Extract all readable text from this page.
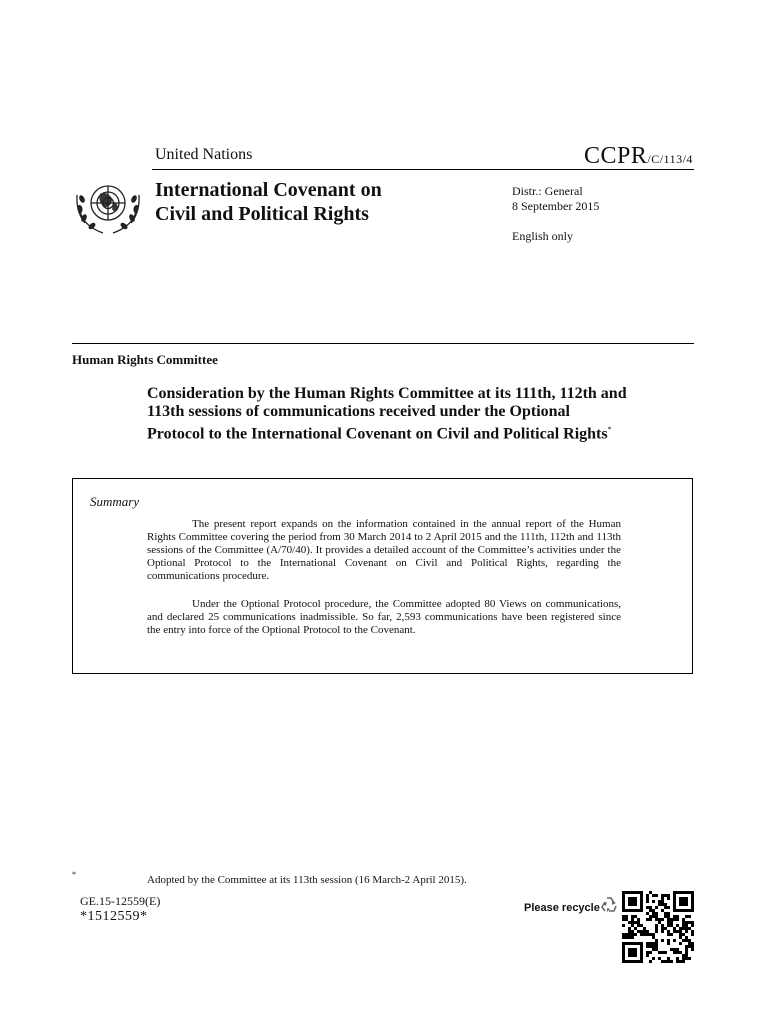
United Nations	CCPR/C/113/4
International Covenant on
Civil and Political Rights
Distr.: General
8 September 2015
English only
Human Rights Committee
Consideration by the Human Rights Committee at its 111th, 112th and 113th sessions of communications received under the Optional Protocol to the International Covenant on Civil and Political Rights*
Summary
The present report expands on the information contained in the annual report of the Human Rights Committee covering the period from 30 March 2014 to 2 April 2015 and the 111th, 112th and 113th sessions of the Committee (A/70/40). It provides a detailed account of the Committee’s activities under the Optional Protocol to the International Covenant on Civil and Political Rights, regarding the communications procedure.
Under the Optional Protocol procedure, the Committee adopted 80 Views on communications, and declared 25 communications inadmissible. So far, 2,593 communications have been registered since the entry into force of the Optional Protocol to the Covenant.
*	Adopted by the Committee at its 113th session (16 March-2 April 2015).
GE.15-12559(E)
*1512559*
Please recycle
